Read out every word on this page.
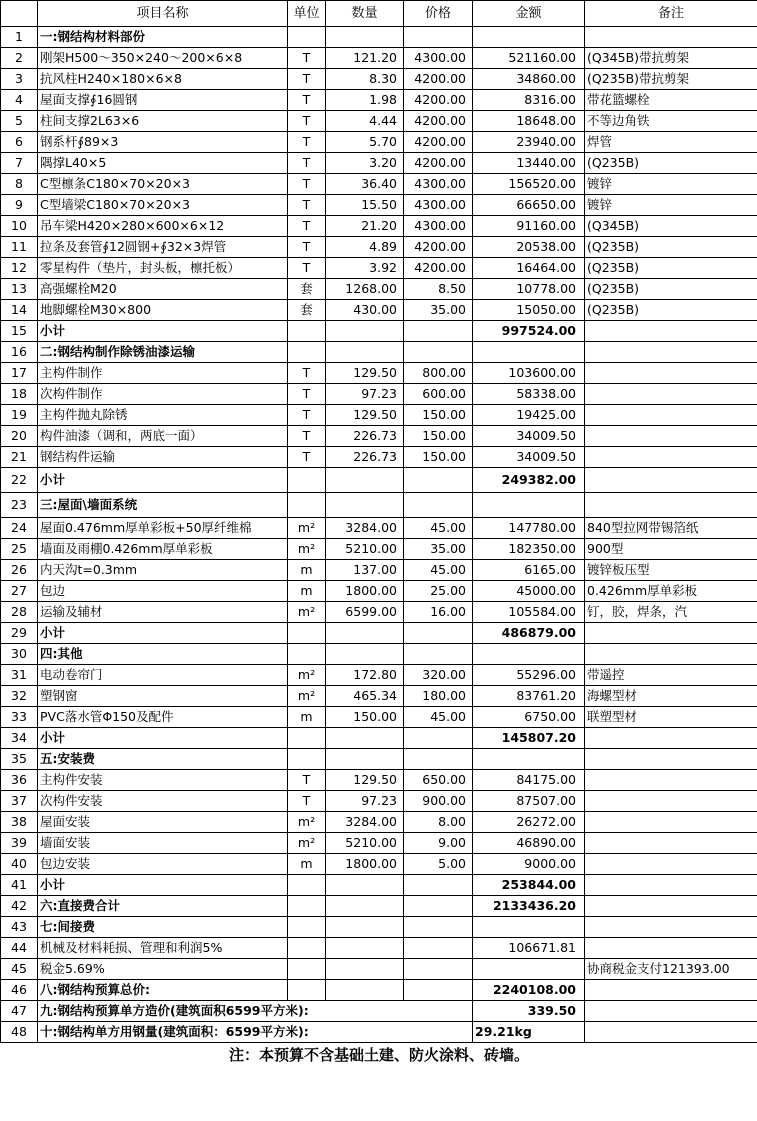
	项目名称	单位	数量	价格	金额	备注
1	一:钢结构材料部份					
2	刚架H500～350×240～200×6×8	T	121.20	4300.00	521160.00	(Q345B)带抗剪架
3	抗风柱H240×180×6×8	T	8.30	4200.00	34860.00	(Q235B)带抗剪架
4	屋面支撑∮16圆钢	T	1.98	4200.00	8316.00	带花篮螺栓
5	柱间支撑2L63×6	T	4.44	4200.00	18648.00	不等边角铁
6	钢系杆∮89×3	T	5.70	4200.00	23940.00	焊管
7	隅撑L40×5	T	3.20	4200.00	13440.00	(Q235B)
8	C型檩条C180×70×20×3	T	36.40	4300.00	156520.00	镀锌
9	C型墙梁C180×70×20×3	T	15.50	4300.00	66650.00	镀锌
10	吊车梁H420×280×600×6×12	T	21.20	4300.00	91160.00	(Q345B)
11	拉条及套管∮12圆钢+∮32×3焊管	T	4.89	4200.00	20538.00	(Q235B)
12	零星构件（垫片，封头板，檩托板）	T	3.92	4200.00	16464.00	(Q235B)
13	高强螺栓M20	套	1268.00	8.50	10778.00	(Q235B)
14	地脚螺栓M30×800	套	430.00	35.00	15050.00	(Q235B)
15	小计				997524.00	
16	二:钢结构制作除锈油漆运输					
17	主构件制作	T	129.50	800.00	103600.00	
18	次构件制作	T	97.23	600.00	58338.00	
19	主构件抛丸除锈	T	129.50	150.00	19425.00	
20	构件油漆（调和，两底一面）	T	226.73	150.00	34009.50	
21	钢结构件运输	T	226.73	150.00	34009.50	
22	小计				249382.00	
23	三:屋面\墙面系统					
24	屋面0.476mm厚单彩板+50厚纤维棉	m²	3284.00	45.00	147780.00	840型拉网带锡箔纸
25	墙面及雨棚0.426mm厚单彩板	m²	5210.00	35.00	182350.00	900型
26	内天沟t=0.3mm	m	137.00	45.00	6165.00	镀锌板压型
27	包边	m	1800.00	25.00	45000.00	0.426mm厚单彩板
28	运输及辅材	m²	6599.00	16.00	105584.00	钉，胶，焊条，汽
29	小计				486879.00	
30	四:其他					
31	电动卷帘门	m²	172.80	320.00	55296.00	带遥控
32	塑钢窗	m²	465.34	180.00	83761.20	海螺型材
33	PVC落水管Φ150及配件	m	150.00	45.00	6750.00	联塑型材
34	小计				145807.20	
35	五:安装费					
36	主构件安装	T	129.50	650.00	84175.00	
37	次构件安装	T	97.23	900.00	87507.00	
38	屋面安装	m²	3284.00	8.00	26272.00	
39	墙面安装	m²	5210.00	9.00	46890.00	
40	包边安装	m	1800.00	5.00	9000.00	
41	小计				253844.00	
42	六:直接费合计				2133436.20	
43	七:间接费					
44	机械及材料耗损、管理和利润5%				106671.81	
45	税金5.69%					协商税金支付121393.00
46	八:钢结构预算总价:				2240108.00	
47	九:钢结构预算单方造价(建筑面积6599平方米):				339.50	
48	十:钢结构单方用钢量(建筑面积：6599平方米):				29.21kg	
注：本预算不含基础土建、防火涂料、砖墙。						
